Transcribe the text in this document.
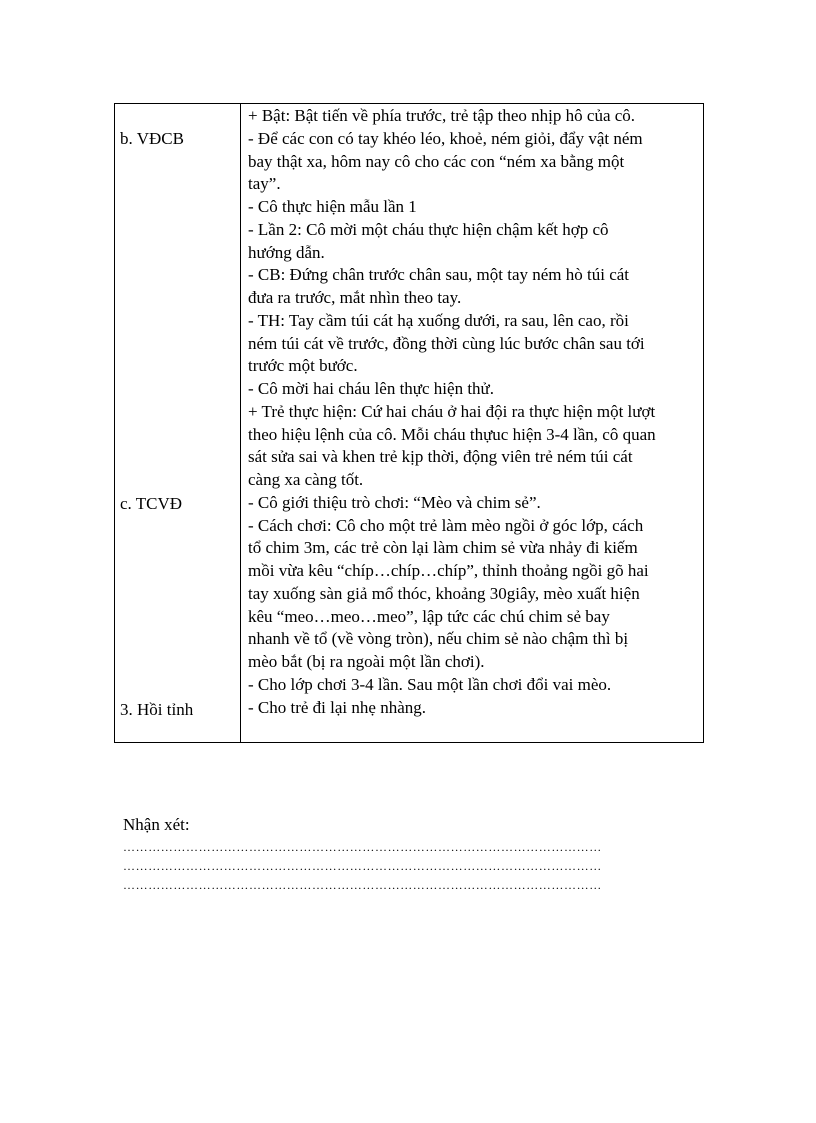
b. VĐCB
c. TCVĐ
3. Hồi tỉnh
+ Bật: Bật tiến về phía trước, trẻ tập theo nhịp hô của cô.
- Để các con có tay khéo léo, khoẻ, ném giỏi, đẩy vật ném
bay thật xa, hôm nay cô cho các con “ném xa bằng một
tay”.
- Cô thực hiện mẫu lần 1
- Lần 2: Cô mời một cháu thực hiện chậm kết hợp cô
hướng dẫn.
- CB: Đứng chân trước chân sau, một tay ném hò túi cát
đưa ra trước, mắt nhìn theo tay.
- TH: Tay cầm túi cát hạ xuống dưới, ra sau, lên cao, rồi
ném túi cát về trước, đồng thời cùng lúc bước chân sau tới
trước một bước.
- Cô mời hai cháu lên thực hiện thử.
+ Trẻ thực hiện: Cứ hai cháu ở hai đội ra thực hiện một lượt
theo hiệu lệnh của cô. Mỗi cháu thựuc hiện 3-4 lần, cô quan
sát sửa sai và khen trẻ kịp thời, động viên trẻ ném túi cát
càng xa càng tốt.
- Cô giới thiệu trò chơi: “Mèo và chim sẻ”.
- Cách chơi: Cô cho một trẻ làm mèo ngồi ở góc lớp, cách
tổ chim 3m, các trẻ còn lại làm chim sẻ vừa nhảy đi kiếm
mồi vừa kêu “chíp…chíp…chíp”, thỉnh thoảng ngồi gõ hai
tay xuống sàn giả mổ thóc, khoảng 30giây, mèo xuất hiện
kêu “meo…meo…meo”, lập tức các chú chim sẻ bay
nhanh về tổ (về vòng tròn), nếu chim sẻ nào chậm thì bị
mèo bắt (bị ra ngoài một lần chơi).
- Cho lớp chơi 3-4 lần. Sau một lần chơi đổi vai mèo.
- Cho trẻ đi lại nhẹ nhàng.
Nhận xét:
……………………………………………………………………………………………………
……………………………………………………………………………………………………
……………………………………………………………………………………………………
